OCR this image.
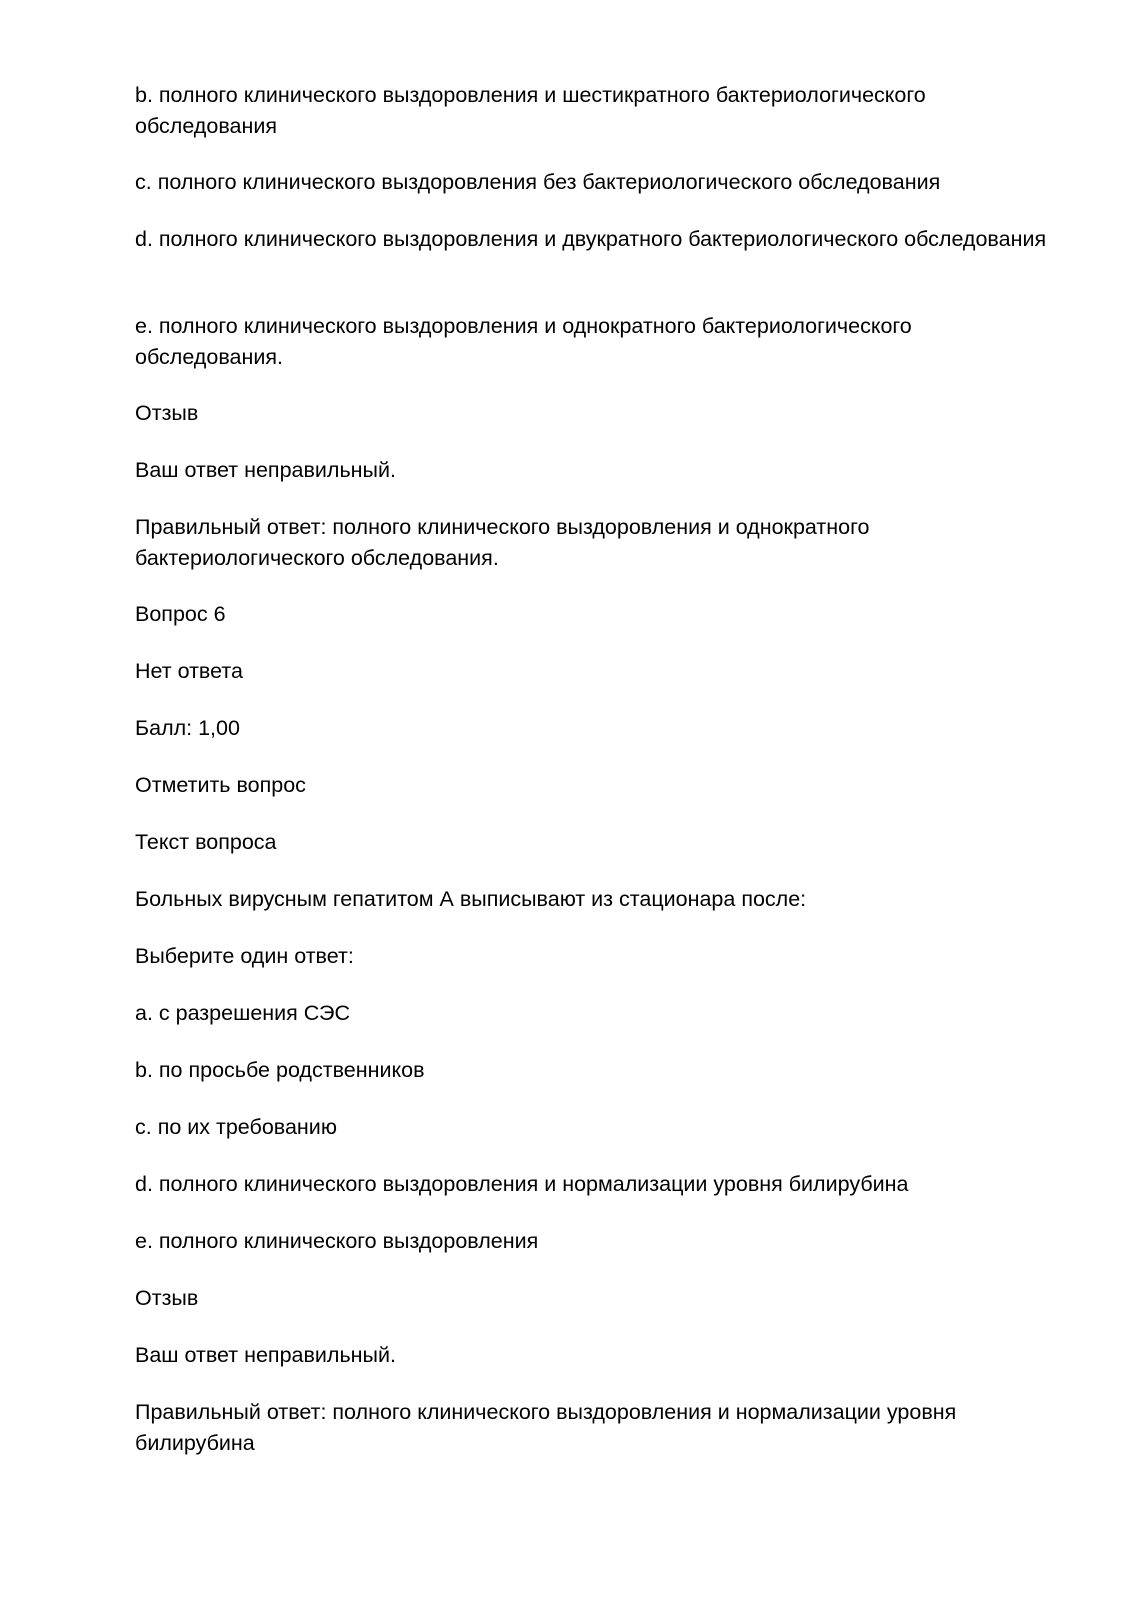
b. полного клинического выздоровления и шестикратного бактериологического обследования

c. полного клинического выздоровления без бактериологического обследования

d. полного клинического выздоровления и двукратного бактериологического обследования

e. полного клинического выздоровления и однократного бактериологического обследования.

Отзыв

Ваш ответ неправильный.

Правильный ответ: полного клинического выздоровления и однократного бактериологического обследования.

Вопрос 6

Нет ответа

Балл: 1,00

Отметить вопрос

Текст вопроса

Больных вирусным гепатитом А выписывают из стационара после:

Выберите один ответ:

a. с разрешения СЭС

b. по просьбе родственников

c. по их требованию

d. полного клинического выздоровления и нормализации уровня билирубина

e. полного клинического выздоровления

Отзыв

Ваш ответ неправильный.

Правильный ответ: полного клинического выздоровления и нормализации уровня билирубина
